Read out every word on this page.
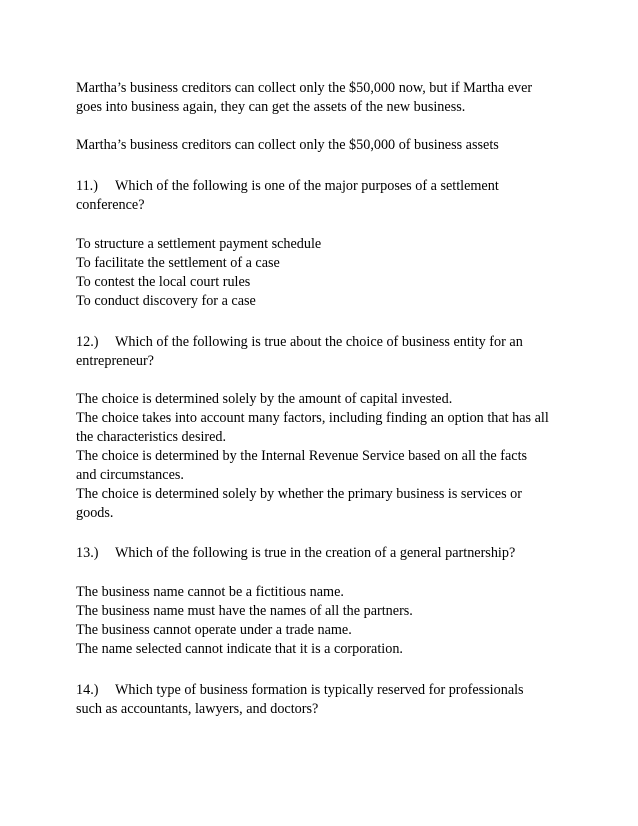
Martha’s business creditors can collect only the $50,000 now, but if Martha ever
goes into business again, they can get the assets of the new business.
Martha’s business creditors can collect only the $50,000 of business assets
11.) Which of the following is one of the major purposes of a settlement
conference?
To structure a settlement payment schedule
To facilitate the settlement of a case
To contest the local court rules
To conduct discovery for a case
12.) Which of the following is true about the choice of business entity for an
entrepreneur?
The choice is determined solely by the amount of capital invested.
The choice takes into account many factors, including finding an option that has all
the characteristics desired.
The choice is determined by the Internal Revenue Service based on all the facts
and circumstances.
The choice is determined solely by whether the primary business is services or
goods.
13.) Which of the following is true in the creation of a general partnership?
The business name cannot be a fictitious name.
The business name must have the names of all the partners.
The business cannot operate under a trade name.
The name selected cannot indicate that it is a corporation.
14.) Which type of business formation is typically reserved for professionals
such as accountants, lawyers, and doctors?
